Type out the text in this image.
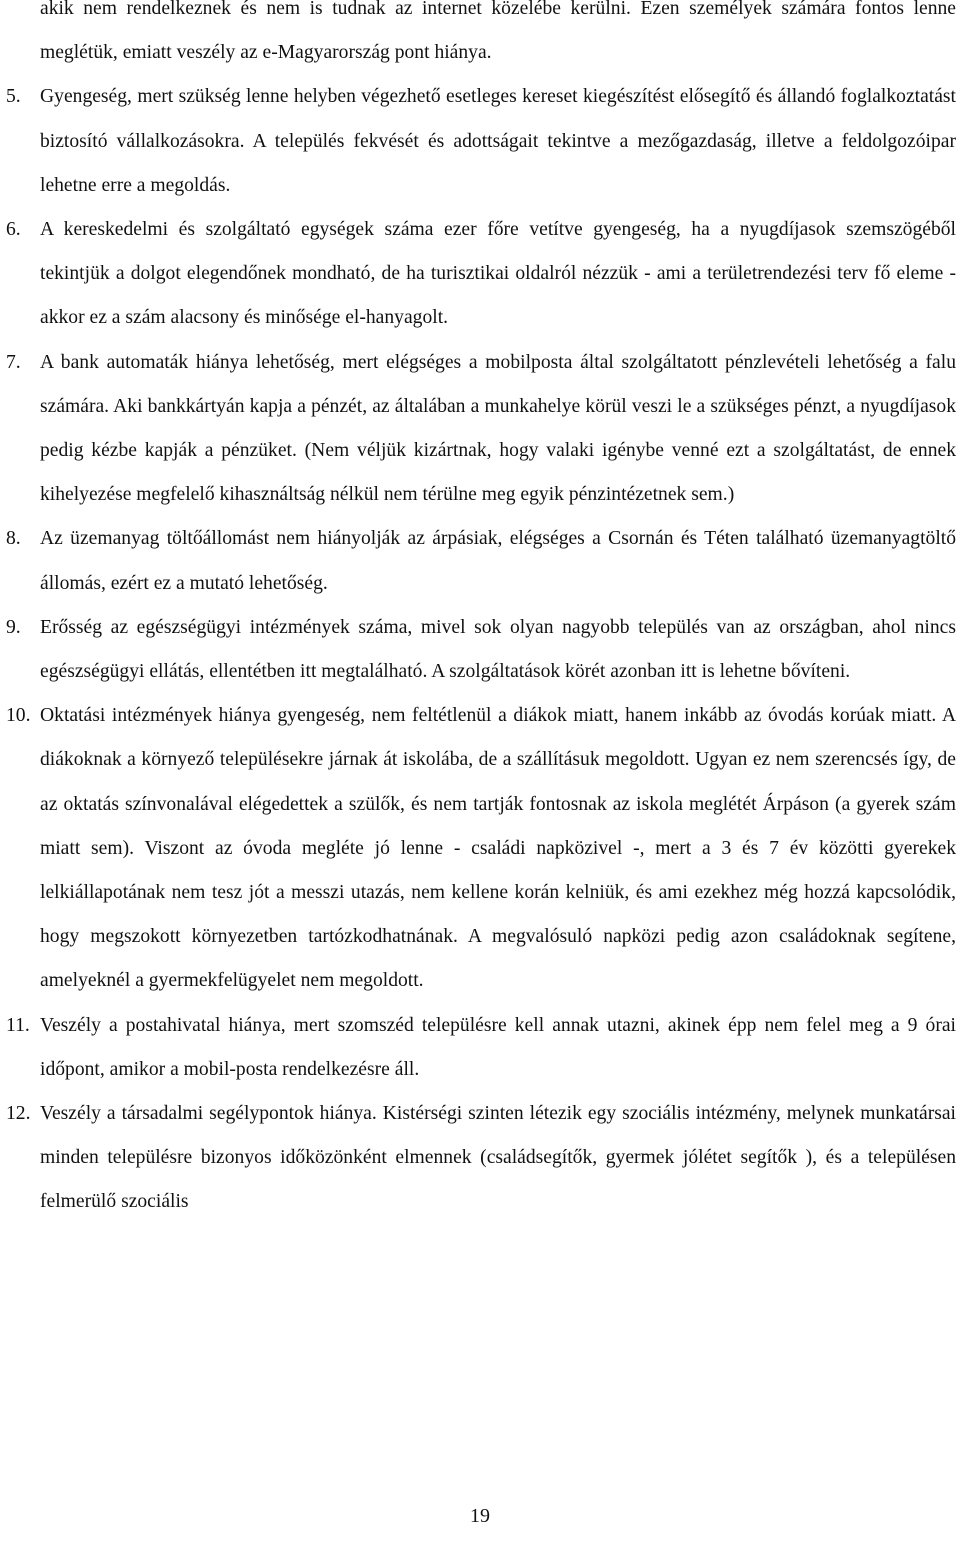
akik nem rendelkeznek és nem is tudnak az internet közelébe kerülni. Ezen személyek számára fontos lenne meglétük, emiatt veszély az e-Magyarország pont hiánya.

5. Gyengeség, mert szükség lenne helyben végezhető esetleges kereset kiegészítést elősegítő és állandó foglalkoztatást biztosító vállalkozásokra. A település fekvését és adottságait tekintve a mezőgazdaság, illetve a feldolgozóipar lehetne erre a megoldás.

6. A kereskedelmi és szolgáltató egységek száma ezer főre vetítve gyengeség, ha a nyugdíjasok szemszögéből tekintjük a dolgot elegendőnek mondható, de ha turisztikai oldalról nézzük - ami a területrendezési terv fő eleme - akkor ez a szám alacsony és minősége el-hanyagolt.

7. A bank automaták hiánya lehetőség, mert elégséges a mobilposta által szolgáltatott pénzlevételi lehetőség a falu számára. Aki bankkártyán kapja a pénzét, az általában a munkahelye körül veszi le a szükséges pénzt, a nyugdíjasok pedig kézbe kapják a pénzüket. (Nem véljük kizártnak, hogy valaki igénybe venné ezt a szolgáltatást, de ennek kihelyezése megfelelő kihasználtság nélkül nem térülne meg egyik pénzintézetnek sem.)

8. Az üzemanyag töltőállomást nem hiányolják az árpásiak, elégséges a Csornán és Téten található üzemanyagtöltő állomás, ezért ez a mutató lehetőség.

9. Erősség az egészségügyi intézmények száma, mivel sok olyan nagyobb település van az országban, ahol nincs egészségügyi ellátás, ellentétben itt megtalálható. A szolgáltatások körét azonban itt is lehetne bővíteni.

10. Oktatási intézmények hiánya gyengeség, nem feltétlenül a diákok miatt, hanem inkább az óvodás korúak miatt. A diákoknak a környező településekre járnak át iskolába, de a szállításuk megoldott. Ugyan ez nem szerencsés így, de az oktatás színvonalával elégedettek a szülők, és nem tartják fontosnak az iskola meglétét Árpáson (a gyerek szám miatt sem). Viszont az óvoda megléte jó lenne - családi napközivel -, mert a 3 és 7 év közötti gyerekek lelkiállapotának nem tesz jót a messzi utazás, nem kellene korán kelniük, és ami ezekhez még hozzá kapcsolódik, hogy megszokott környezetben tartózkodhatnának. A megvalósuló napközi pedig azon családoknak segítene, amelyeknél a gyermekfelügyelet nem megoldott.

11. Veszély a postahivatal hiánya, mert szomszéd településre kell annak utazni, akinek épp nem felel meg a 9 órai időpont, amikor a mobil-posta rendelkezésre áll.

12. Veszély a társadalmi segélypontok hiánya. Kistérségi szinten létezik egy szociális intézmény, melynek munkatársai minden településre bizonyos időközönként elmennek (családsegítők, gyermek jólétet segítők ), és a településen felmerülő szociális

19
